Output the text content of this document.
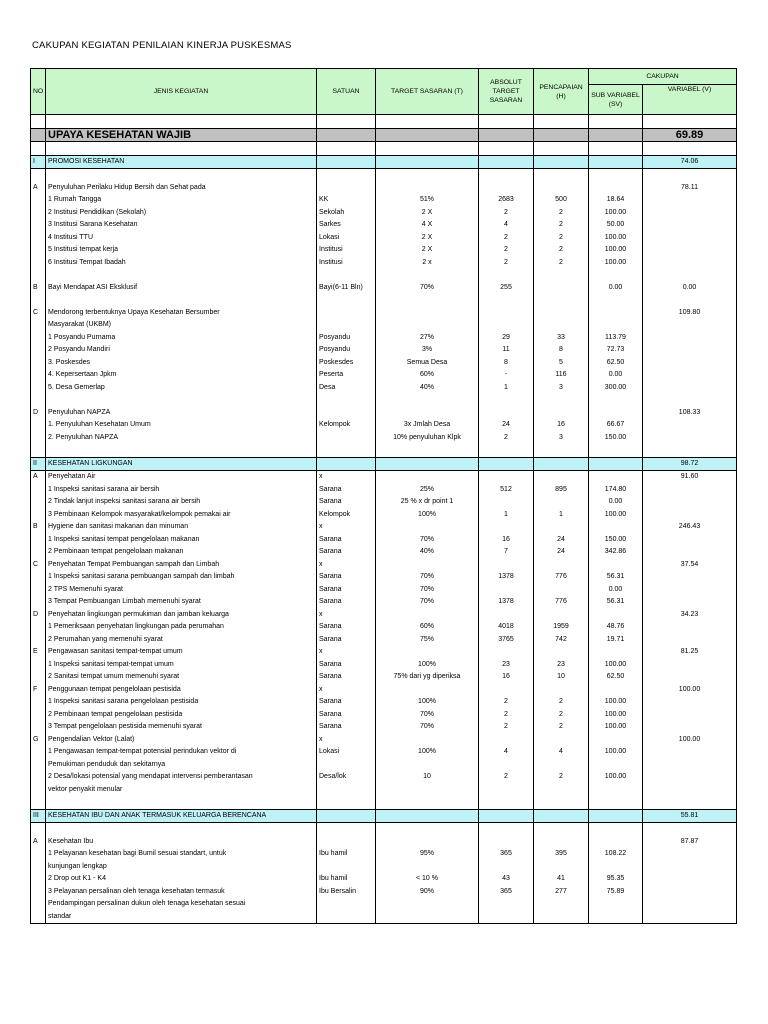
CAKUPAN KEGIATAN PENILAIAN KINERJA PUSKESMAS
NO	JENIS KEGIATAN	SATUAN	TARGET SASARAN (T)	ABSOLUT TARGET SASARAN	PENCAPAIAN (H)	CAKUPAN	
						SUB VARIABEL (SV)	VARIABEL (V)

	UPAYA KESEHATAN WAJIB						69.89

I	PROMOSI KESEHATAN						74.06

A	Penyuluhan Perilaku Hidup Bersih dan Sehat pada						78.11
	1 Rumah Tangga	KK	51%	2683	500	18.64	
	2 Institusi Pendidikan (Sekolah)	Sekolah	2 X	2	2	100.00	
	3 Institusi Sarana Kesehatan	Sarkes	4 X	4	2	50.00	
	4 Institusi TTU	Lokasi	2 X	2	2	100.00	
	5 Institusi tempat kerja	Institusi	2 X	2	2	100.00	
	6 Institusi Tempat Ibadah	Institusi	2 x	2	2	100.00	

B	Bayi Mendapat ASI Eksklusif	Bayi(6-11 Bln)	70%	255		0.00	0.00

C	Mendorong terbentuknya Upaya Kesehatan Bersumber						109.80
	Masyarakat (UKBM)						
	1 Posyandu Purnama	Posyandu	27%	29	33	113.79	
	2 Posyandu Mandiri	Posyandu	3%	11	8	72.73	
	3. Poskesdes	Poskesdes	Semua Desa	8	5	62.50	
	4. Kepersertaan Jpkm	Peserta	60%	-	116	0.00	
	5. Desa Gemerlap	Desa	40%	1	3	300.00	

D	Penyuluhan NAPZA						108.33
	1. Penyuluhan Kesehatan Umum	Kelompok	3x Jmlah Desa	24	16	66.67	
	2. Penyuluhan NAPZA		10% penyuluhan Klpk	2	3	150.00	

II	KESEHATAN LIGKUNGAN						98.72
A	Penyehatan Air	x					91.60
	1 Inspeksi sanitasi sarana air bersih	Sarana	25%	512	895	174.80	
	2 Tindak lanjut inspeksi sanitasi sarana air bersih	Sarana	25 % x dr point 1			0.00	
	3 Pembinaan Kelompok masyarakat/kelompok pemakai air	Kelompok	100%	1	1	100.00	
B	Hygiene dan sanitasi makanan dan minuman	x					246.43
	1 Inspeksi sanitasi tempat pengelolaan makanan	Sarana	70%	16	24	150.00	
	2 Pembinaan tempat pengelolaan makanan	Sarana	40%	7	24	342.86	
C	Penyehatan Tempat Pembuangan sampah dan Limbah	x					37.54
	1 Inspeksi sanitasi sarana pembuangan sampah dan limbah	Sarana	70%	1378	776	56.31	
	2 TPS Memenuhi syarat	Sarana	70%			0.00	
	3 Tempat Pembuangan Limbah memenuhi syarat	Sarana	70%	1378	776	56.31	
D	Penyehatan lingkungan permukiman dan jamban keluarga	x					34.23
	1 Pemeriksaan penyehatan lingkungan pada perumahan	Sarana	60%	4018	1959	48.76	
	2 Perumahan yang memenuhi syarat	Sarana	75%	3765	742	19.71	
E	Pengawasan sanitasi tempat-tempat umum	x					81.25
	1 Inspeksi sanitasi tempat-tempat umum	Sarana	100%	23	23	100.00	
	2 Sanitasi tempat umum memenuhi syarat	Sarana	75% dari yg diperiksa	16	10	62.50	
F	Penggunaan tempat pengelolaan pestisida	x					100.00
	1 Inspeksi sanitasi sarana pengelolaan pestisida	Sarana	100%	2	2	100.00	
	2 Pembinaan tempat pengelolaan pestisida	Sarana	70%	2	2	100.00	
	3 Tempat pengelolaan pestisida memenuhi syarat	Sarana	70%	2	2	100.00	
G	Pengendalian Vektor (Lalat)	x					100.00
	1 Pengawasan tempat-tempat potensial perindukan vektor di	Lokasi	100%	4	4	100.00	
	Pemukiman penduduk dan sekitarnya						
	2 Desa/lokasi potensial yang mendapat intervensi pemberantasan	Desa/lok	10	2	2	100.00	
	vektor penyakit menular						

III	KESEHATAN IBU DAN ANAK TERMASUK KELUARGA BERENCANA						55.81

A	Kesehatan Ibu						87.87
	1 Pelayanan kesehatan bagi Bumil sesuai standart, untuk	Ibu hamil	95%	365	395	108.22	
	kunjungan lengkap						
	2 Drop out K1 - K4	Ibu hamil	< 10 %	43	41	95.35	
	3 Pelayanan persalinan oleh tenaga kesehatan termasuk	Ibu Bersalin	90%	365	277	75.89	
	Pendampingan persalinan dukun oleh tenaga kesehatan sesuai						
	standar						
